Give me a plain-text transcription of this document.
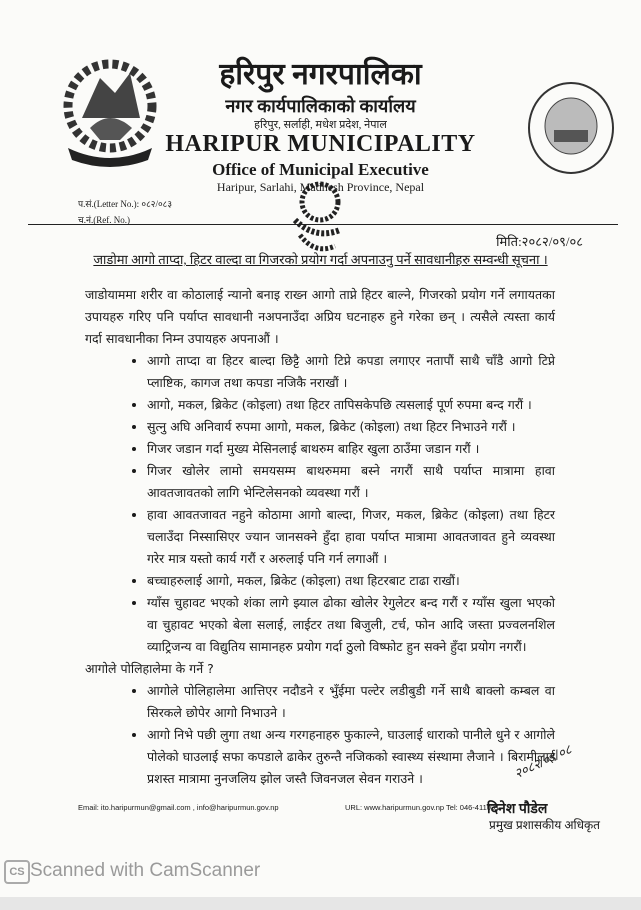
हरिपुर नगरपालिका
नगर कार्यपालिकाको कार्यालय
हरिपुर, सर्लाही, मधेश प्रदेश, नेपाल
HARIPUR MUNICIPALITY
Office of Municipal Executive
Haripur, Sarlahi, Madhesh Province, Nepal
प.सं.(Letter No.): ०८२/०८३
च.नं.(Ref. No.)
मिति:२०८२/०९/०८
जाडोमा आगो ताप्दा, हिटर वाल्दा वा गिजरको प्रयोग गर्दा अपनाउनु पर्ने सावधानीहरु सम्वन्धी सूचना ।

जाडोयाममा शरीर वा कोठालाई न्यानो बनाइ राख्न आगो ताप्ने हिटर बाल्ने, गिजरको प्रयोग गर्ने लगायतका उपायहरु गरिए पनि पर्याप्त सावधानी नअपनाउँदा अप्रिय घटनाहरु हुने गरेका छन् । त्यसैले त्यस्ता कार्य गर्दा सावधानीका निम्न उपायहरु अपनाऔं ।

• आगो ताप्दा वा हिटर बाल्दा छिट्टै आगो टिप्ने कपडा लगाएर नतापौं साथै चाँडै आगो टिप्ने प्लाष्टिक, कागज तथा कपडा नजिकै नराखौं ।
• आगो, मकल, ब्रिकेट (कोइला) तथा हिटर तापिसकेपछि त्यसलाई पूर्ण रुपमा बन्द गरौं ।
• सुत्नु अघि अनिवार्य रुपमा आगो, मकल, ब्रिकेट (कोइला) तथा हिटर निभाउने गरौं ।
• गिजर जडान गर्दा मुख्य मेसिनलाई बाथरुम बाहिर खुला ठाउँमा जडान गरौं ।
• गिजर खोलेर लामो समयसम्म बाथरुममा बस्ने नगरौं साथै पर्याप्त मात्रामा हावा आवतजावतको लागि भेन्टिलेसनको व्यवस्था गरौं ।
• हावा आवतजावत नहुने कोठामा आगो बाल्दा, गिजर, मकल, ब्रिकेट (कोइला) तथा हिटर चलाउँदा निस्सासिएर ज्यान जानसक्ने हुँदा हावा पर्याप्त मात्रामा आवतजावत हुने व्यवस्था गरेर मात्र यस्तो कार्य गरौं र अरुलाई पनि गर्न लगाऔं ।
• बच्चाहरुलाई आगो, मकल, ब्रिकेट (कोइला) तथा हिटरबाट टाढा राखौं।
• ग्याँस चुहावट भएको शंका लागे झ्याल ढोका खोलेर रेगुलेटर बन्द गरौं र ग्याँस खुला भएको वा चुहावट भएको बेला सलाई, लाईटर तथा बिजुली, टर्च, फोन आदि जस्ता प्रज्वलनशिल व्याट्रिजन्य वा विद्युतिय सामानहरु प्रयोग गर्दा ठुलो विष्फोट हुन सक्ने हुँदा प्रयोग नगरौं।

आगोले पोलिहालेमा के गर्ने ?

• आगोले पोलिहालेमा आत्तिएर नदौडने र भुँईमा पल्टेर लडीबुडी गर्ने साथै बाक्लो कम्बल वा सिरकले छोपेर आगो निभाउने ।
• आगो निभे पछी लुगा तथा अन्य गरगहनाहरु फुकाल्ने, घाउलाई धाराको पानीले धुने र आगोले पोलेको घाउलाई सफा कपडाले ढाकेर तुरुन्तै नजिकको स्वास्थ्य संस्थामा लैजाने । बिरामीलाई प्रशस्त मात्रामा नुनजलिय झोल जस्तै जिवनजल सेवन गराउने ।	२०८२/०९/०८
Email: ito.haripurmun@gmail.com , info@haripurmun.gov.np	URL: www.haripurmun.gov.np Tel: 046-411031
दिनेश पौडेल
प्रमुख प्रशासकीय अधिकृत
CS Scanned with CamScanner
